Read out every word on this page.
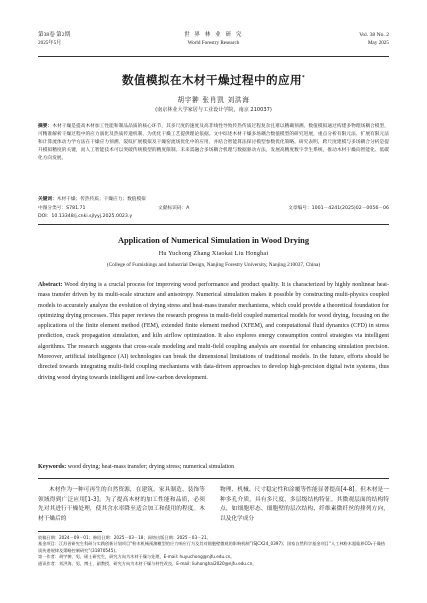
第38卷 第2期
2025年5月
世 界 林 业 研 究
World Forestry Research
Vol. 38 No. 2
May 2025
数值模拟在木材干燥过程中的应用*
胡宇翀 张肖凯 刘洪海
(南京林业大学家居与工业设计学院，南京 210037)
摘要：木材干燥是提高木材加工性能和制品品质的核心环节，其多尺度的速度及高非线性导致传热传质过程复杂且难以精确预测。数值模拟通过构建多物理场耦合模型，可精准解析干燥过程中的应力演化及热质传递机制，为优化干燥工艺提供理论依据。文中综述木材干燥多场耦合数值模型的研究进展，重点分析有限元法、扩展有限元法和计算流体动力学方法在干燥应力预测、裂纹扩展模拟及干燥窑流场优化中的应用，并结合智能算法探讨模型参数优化策略。研究表明，跨尺度建模与多场耦合分析是提升模拟精度的关键，而人工智能技术可以突破传统模型的精度限制。未来需融合多场耦合机理与数据驱动方法，发展高精度数字孪生系统，推动木材干燥向智能化、低碳化方向发展。
关键词：木材干燥；传热传质；干燥应力；数值模拟
中图分类号：S781.71	文献标识码：A	文章编号：1001－4241(2025)02－0056－06
DOI：10.13348/j.cnki.sjlyyj.2025.0023.y
Application of Numerical Simulation in Wood Drying
Hu Yuchong Zhang Xiaokai Liu Honghai
(College of Furnishings and Industrial Design, Nanjing Forestry University, Nanjing 210037, China)
Abstract: Wood drying is a crucial process for improving wood performance and product quality. It is characterized by highly nonlinear heat-mass transfer driven by its multi-scale structure and anisotropy. Numerical simulation makes it possible by constructing multi-physics coupled models to accurately analyze the evolution of drying stress and heat-mass transfer mechanisms, which could provide a theoretical foundation for optimizing drying processes. This paper reviews the research progress in multi-field coupled numerical models for wood drying, focusing on the applications of the finite element method (FEM), extended finite element method (XFEM), and computational fluid dynamics (CFD) in stress prediction, crack propagation simulation, and kiln airflow optimization. It also explores energy consumption control strategies via intelligent algorithms. The research suggests that cross-scale modeling and multi-field coupling analysis are essential for enhancing simulation precision. Moreover, artificial intelligence (AI) technologies can break the dimensional limitations of traditional models. In the future, efforts should be directed towards integrating multi-field coupling mechanisms with data-driven approaches to develop high-precision digital twin systems, thus driving wood drying towards intelligent and low-carbon development.
Keywords: wood drying; heat-mass transfer; drying stress; numerical simulation
木材作为一种可再生的自然资源，在建筑、家具制造、装饰等领域得到广泛应用[1-3]。为了提高木材的加工性能和品质，必须先对其进行干燥处理，使其含水率降至适合加工和使用的程度。木材干燥后的
物理、机械、尺寸稳定性和涂覆等性能显著提高[4-8]。但木材是一种多孔介质，具有多尺度、多层级结构特征。其微观层面的结构特点，如细胞形态、细胞壁的层次结构、纤维素微纤丝的排列方向，以及化学成分

收稿日期：2024－09－01；修回日期：2025－03－18；网络出版日期：2025－03－21。

基金项目：江苏省研究生科研与实践创新计划项目“粉木机械预测模型的应力响应行为及其对细胞壁微观的影响机制”(SJCX24_0397)；国家自然科学基金项目“人工林粉木超临界CO₂干燥热质传递规律及策略控制研究”(31870545)。

第一作者：胡宇翀，男，硕士研究生，研究方向为木材干燥与处理，E-mail: huyuchong@njfu.edu.cn。

通讯作者：刘洪海，男，博士，副教授，研究方向为木材干燥与材性改良，E-mail: liuhonghai2020@njfu.edu.cn。
